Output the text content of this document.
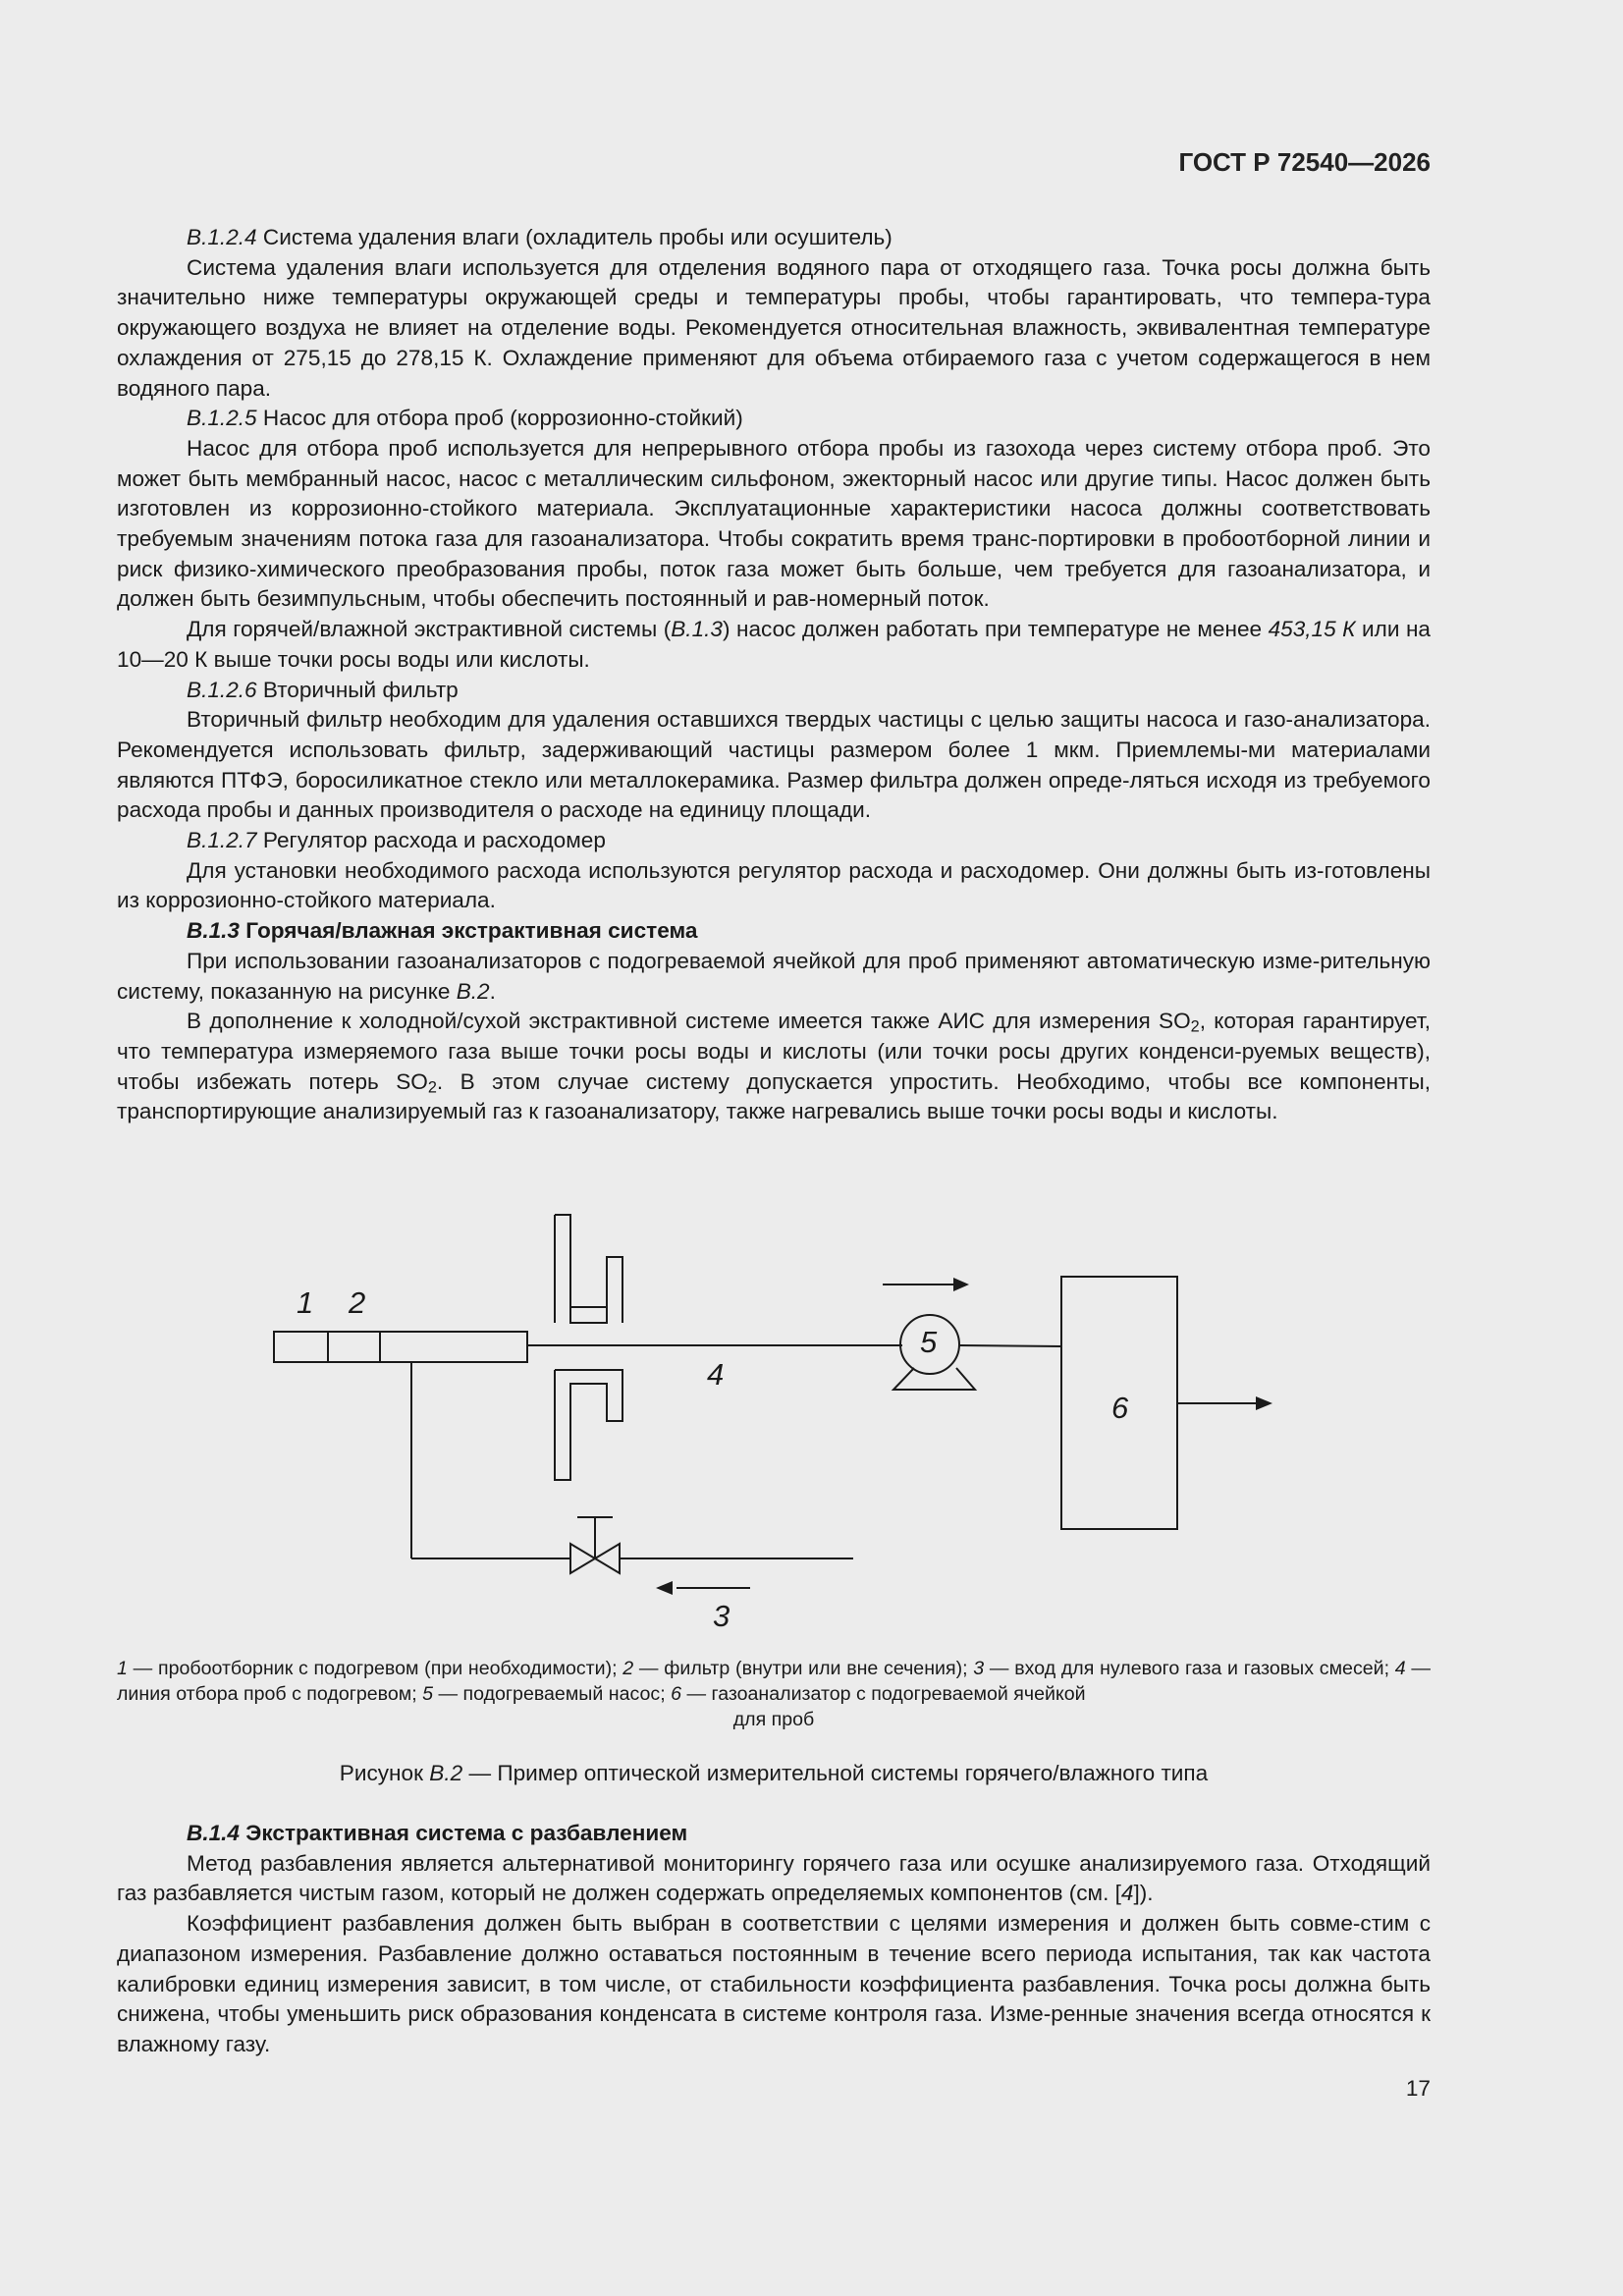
ГОСТ Р 72540—2026

В.1.2.4 Система удаления влаги (охладитель пробы или осушитель)

Система удаления влаги используется для отделения водяного пара от отходящего газа. Точка росы должна быть значительно ниже температуры окружающей среды и температуры пробы, чтобы гарантировать, что темпера-тура окружающего воздуха не влияет на отделение воды. Рекомендуется относительная влажность, эквивалентная температуре охлаждения от 275,15 до 278,15 К. Охлаждение применяют для объема отбираемого газа с учетом содержащегося в нем водяного пара.

В.1.2.5 Насос для отбора проб (коррозионно-стойкий)

Насос для отбора проб используется для непрерывного отбора пробы из газохода через систему отбора проб. Это может быть мембранный насос, насос с металлическим сильфоном, эжекторный насос или другие типы. Насос должен быть изготовлен из коррозионно-стойкого материала. Эксплуатационные характеристики насоса должны соответствовать требуемым значениям потока газа для газоанализатора. Чтобы сократить время транс-портировки в пробоотборной линии и риск физико-химического преобразования пробы, поток газа может быть больше, чем требуется для газоанализатора, и должен быть безимпульсным, чтобы обеспечить постоянный и рав-номерный поток.

Для горячей/влажной экстрактивной системы (В.1.3) насос должен работать при температуре не менее 453,15 К или на 10—20 К выше точки росы воды или кислоты.

В.1.2.6 Вторичный фильтр

Вторичный фильтр необходим для удаления оставшихся твердых частицы с целью защиты насоса и газо-анализатора. Рекомендуется использовать фильтр, задерживающий частицы размером более 1 мкм. Приемлемы-ми материалами являются ПТФЭ, боросиликатное стекло или металлокерамика. Размер фильтра должен опреде-ляться исходя из требуемого расхода пробы и данных производителя о расходе на единицу площади.

В.1.2.7 Регулятор расхода и расходомер

Для установки необходимого расхода используются регулятор расхода и расходомер. Они должны быть из-готовлены из коррозионно-стойкого материала.

В.1.3 Горячая/влажная экстрактивная система

При использовании газоанализаторов с подогреваемой ячейкой для проб применяют автоматическую изме-рительную систему, показанную на рисунке В.2.

В дополнение к холодной/сухой экстрактивной системе имеется также АИС для измерения $SO_2$, которая гарантирует, что температура измеряемого газа выше точки росы воды и кислоты (или точки росы других конденси-руемых веществ), чтобы избежать потерь $SO_2$. В этом случае систему допускается упростить. Необходимо, чтобы все компоненты, транспортирующие анализируемый газ к газоанализатору, также нагревались выше точки росы воды и кислоты.

1 2
3
4
5
6
1 — пробоотборник с подогревом (при необходимости); 2 — фильтр (внутри или вне сечения); 3 — вход для нулевого газа и газовых смесей; 4 — линия отбора проб с подогревом; 5 — подогреваемый насос; 6 — газоанализатор с подогреваемой ячейкой
для проб
Рисунок В.2 — Пример оптической измерительной системы горячего/влажного типа

В.1.4 Экстрактивная система с разбавлением

Метод разбавления является альтернативой мониторингу горячего газа или осушке анализируемого газа. Отходящий газ разбавляется чистым газом, который не должен содержать определяемых компонентов (см. [4]).

Коэффициент разбавления должен быть выбран в соответствии с целями измерения и должен быть совме-стим с диапазоном измерения. Разбавление должно оставаться постоянным в течение всего периода испытания, так как частота калибровки единиц измерения зависит, в том числе, от стабильности коэффициента разбавления. Точка росы должна быть снижена, чтобы уменьшить риск образования конденсата в системе контроля газа. Изме-ренные значения всегда относятся к влажному газу.

17
